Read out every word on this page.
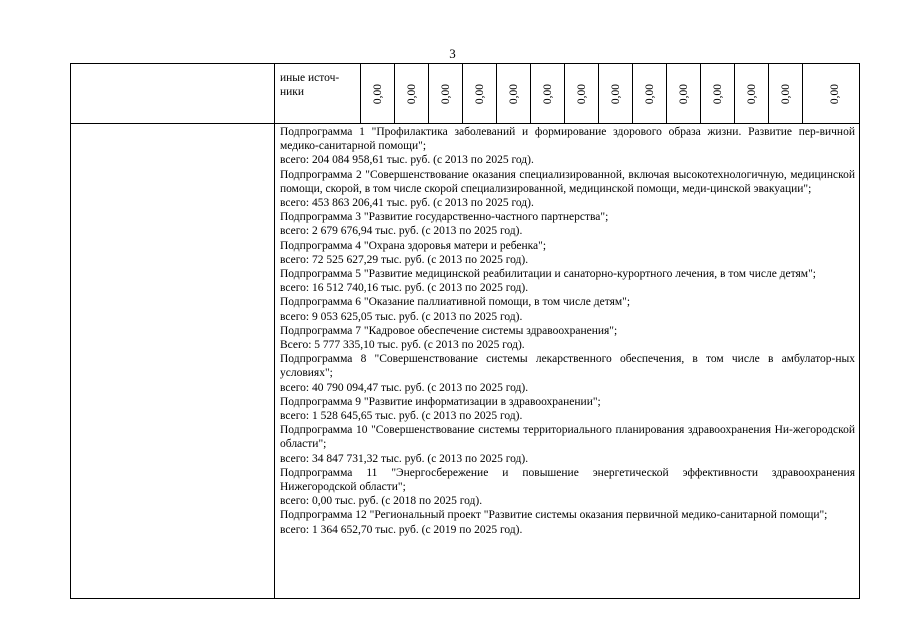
3
иные источ-
ники	0,00 0,00 0,00 0,00 0,00 0,00 0,00 0,00 0,00 0,00 0,00 0,00 0,00	0,00

Подпрограмма 1 "Профилактика заболеваний и формирование здорового образа жизни. Развитие пер-вичной медико-санитарной помощи";

всего: 204 084 958,61 тыс. руб. (с 2013 по 2025 год).

Подпрограмма 2 "Совершенствование оказания специализированной, включая высокотехнологичную, медицинской помощи, скорой, в том числе скорой специализированной, медицинской помощи, меди-цинской эвакуации";

всего: 453 863 206,41 тыс. руб. (с 2013 по 2025 год).

Подпрограмма 3 "Развитие государственно-частного партнерства";

всего: 2 679 676,94 тыс. руб. (с 2013 по 2025 год).

Подпрограмма 4 "Охрана здоровья матери и ребенка";

всего: 72 525 627,29 тыс. руб. (с 2013 по 2025 год).

Подпрограмма 5 "Развитие медицинской реабилитации и санаторно-курортного лечения, в том числе детям";

всего: 16 512 740,16 тыс. руб. (с 2013 по 2025 год).

Подпрограмма 6 "Оказание паллиативной помощи, в том числе детям";

всего: 9 053 625,05 тыс. руб. (с 2013 по 2025 год).

Подпрограмма 7 "Кадровое обеспечение системы здравоохранения";

Всего: 5 777 335,10 тыс. руб. (с 2013 по 2025 год).

Подпрограмма 8 "Совершенствование системы лекарственного обеспечения, в том числе в амбулатор-ных условиях";

всего: 40 790 094,47 тыс. руб. (с 2013 по 2025 год).

Подпрограмма 9 "Развитие информатизации в здравоохранении";

всего: 1 528 645,65 тыс. руб. (с 2013 по 2025 год).

Подпрограмма 10 "Совершенствование системы территориального планирования здравоохранения Ни-жегородской области";

всего: 34 847 731,32 тыс. руб. (с 2013 по 2025 год).

Подпрограмма 11 "Энергосбережение и повышение энергетической эффективности здравоохранения Нижегородской области";

всего: 0,00 тыс. руб. (с 2018 по 2025 год).

Подпрограмма 12 "Региональный проект "Развитие системы оказания первичной медико-санитарной помощи";

всего: 1 364 652,70 тыс. руб. (с 2019 по 2025 год).
